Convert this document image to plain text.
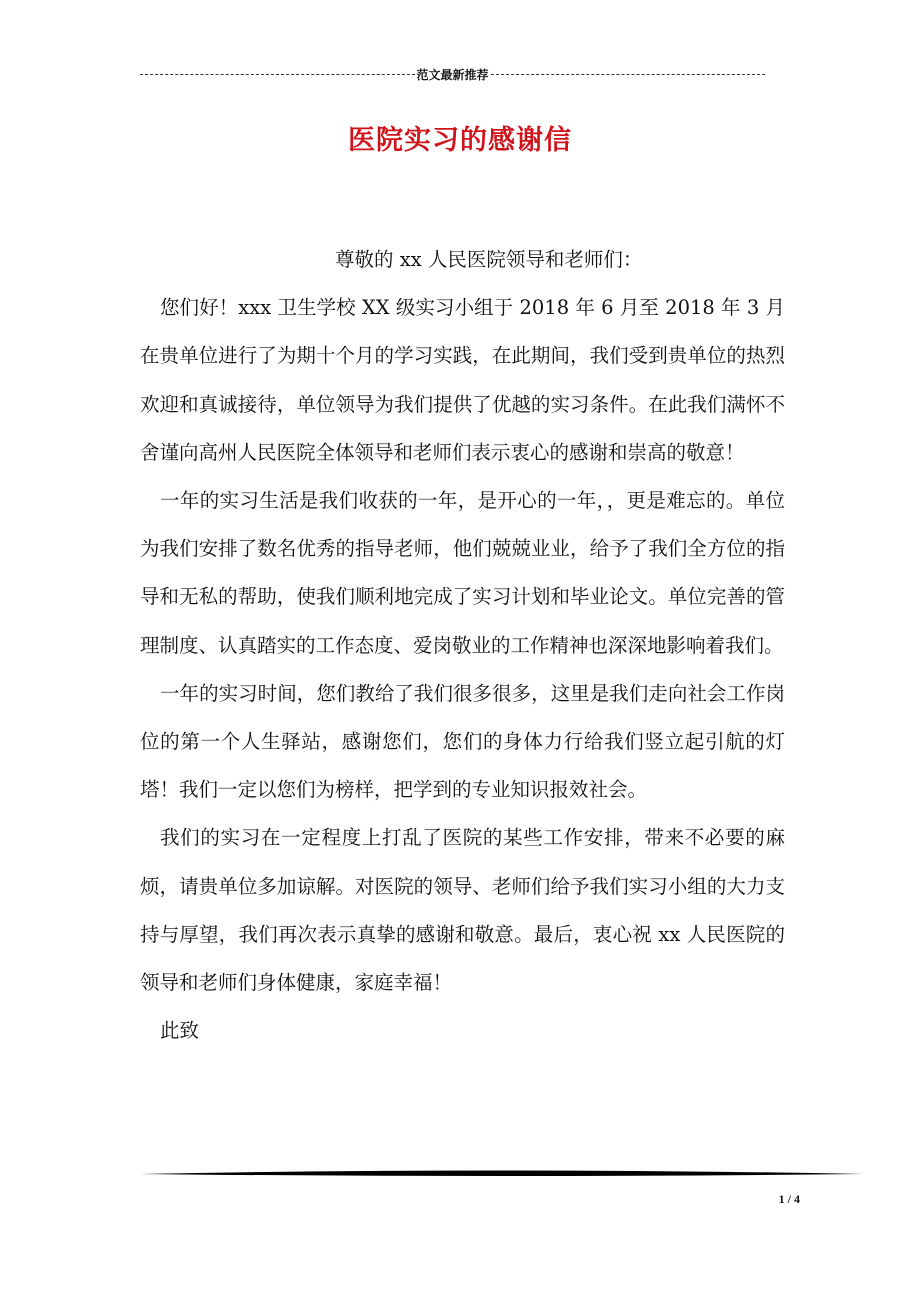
范文最新推荐
医院实习的感谢信

尊敬的 xx 人民医院领导和老师们：

您们好！xxx 卫生学校 XX 级实习小组于 2018 年 6 月至 2018 年 3 月在贵单位进行了为期十个月的学习实践，在此期间，我们受到贵单位的热烈欢迎和真诚接待，单位领导为我们提供了优越的实习条件。在此我们满怀不舍谨向高州人民医院全体领导和老师们表示衷心的感谢和崇高的敬意！

一年的实习生活是我们收获的一年，是开心的一年，，更是难忘的。单位为我们安排了数名优秀的指导老师，他们兢兢业业，给予了我们全方位的指导和无私的帮助，使我们顺利地完成了实习计划和毕业论文。单位完善的管理制度、认真踏实的工作态度、爱岗敬业的工作精神也深深地影响着我们。

一年的实习时间，您们教给了我们很多很多，这里是我们走向社会工作岗位的第一个人生驿站，感谢您们，您们的身体力行给我们竖立起引航的灯塔！我们一定以您们为榜样，把学到的专业知识报效社会。

我们的实习在一定程度上打乱了医院的某些工作安排，带来不必要的麻烦，请贵单位多加谅解。对医院的领导、老师们给予我们实习小组的大力支持与厚望，我们再次表示真挚的感谢和敬意。最后，衷心祝 xx 人民医院的领导和老师们身体健康，家庭幸福！

此致

1 / 4
